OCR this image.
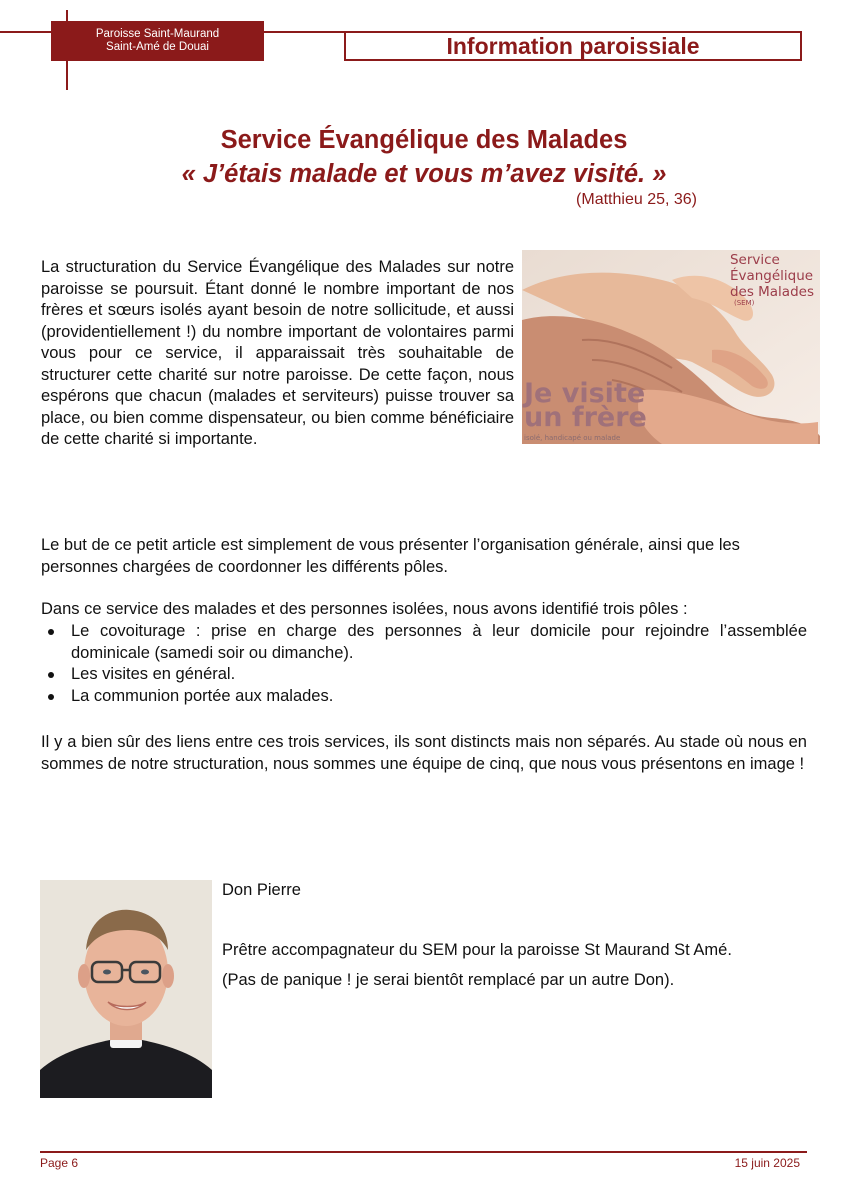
Paroisse Saint-Maurand
Saint-Amé de Douai	Information paroissiale
Service Évangélique des Malades
« J’étais malade et vous m’avez visité. »
(Matthieu 25, 36)
La structuration du Service Évangélique des Malades sur notre paroisse se poursuit. Étant donné le nombre important de nos frères et sœurs isolés ayant besoin de notre sollicitude, et aussi (providentiellement !) du nombre important de volontaires parmi vous pour ce service, il apparaissait très souhaitable de structurer cette charité sur notre paroisse. De cette façon, nous espérons que chacun (malades et serviteurs) puisse trouver sa place, ou bien comme dispensateur, ou bien comme bénéficiaire de cette charité si importante.
Service
Évangélique
des Malades
(SEM)
Je visite
un frère
isolé, handicapé ou malade
Le but de ce petit article est simplement de vous présenter l’organisation générale, ainsi que les personnes chargées de coordonner les différents pôles.
Dans ce service des malades et des personnes isolées, nous avons identifié trois pôles :
Le covoiturage : prise en charge des personnes à leur domicile pour rejoindre l’assemblée dominicale (samedi soir ou dimanche).
Les visites en général.
La communion portée aux malades.
Il y a bien sûr des liens entre ces trois services, ils sont distincts mais non séparés. Au stade où nous en sommes de notre structuration, nous sommes une équipe de cinq, que nous vous présentons en image !
Don Pierre
Prêtre accompagnateur du SEM pour la paroisse St Maurand St Amé.
(Pas de panique ! je serai bientôt remplacé par un autre Don).
Page 6	15 juin 2025
